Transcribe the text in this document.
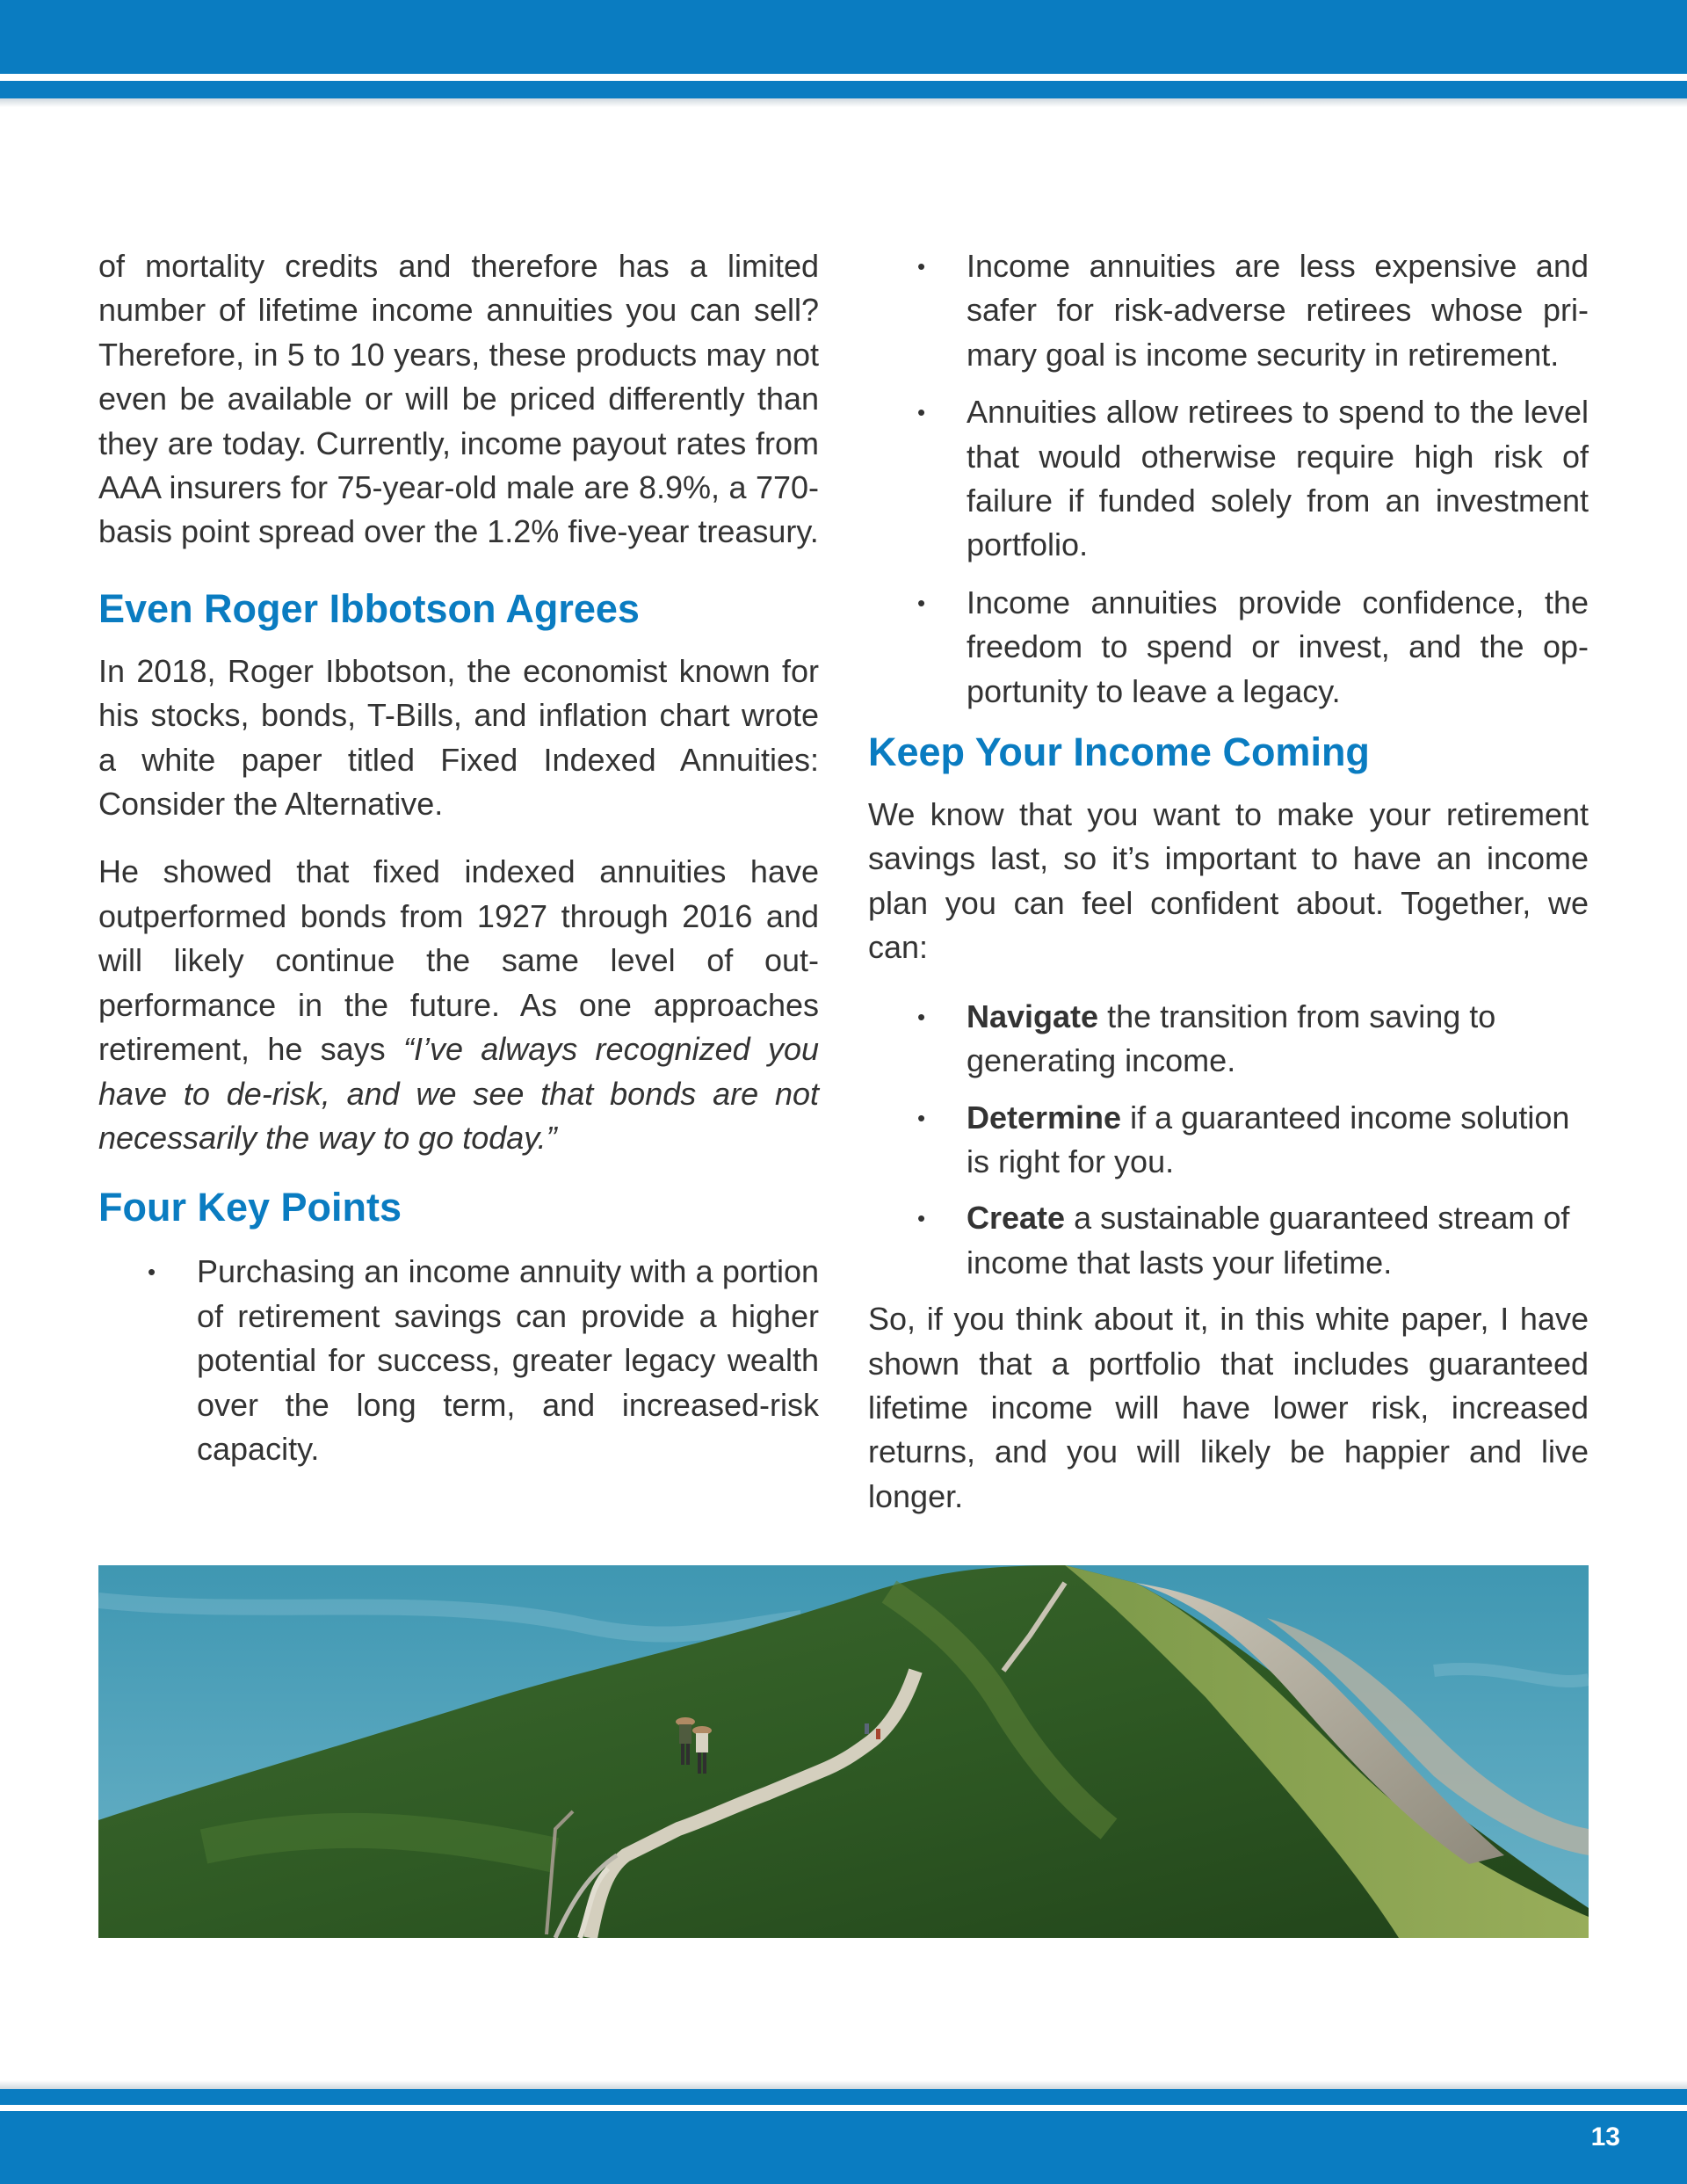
of mortality credits and therefore has a limited number of lifetime income annuities you can sell? Therefore, in 5 to 10 years, these products may not even be available or will be priced differently than they are today. Currently, income payout rates from AAA insurers for 75-year-old male are 8.9%, a 770-basis point spread over the 1.2% five-year treasury.

Even Roger Ibbotson Agrees

In 2018, Roger Ibbotson, the economist known for his stocks, bonds, T-Bills, and inflation chart wrote a white paper titled Fixed Indexed Annuities: Consider the Alternative.

He showed that fixed indexed annuities have outperformed bonds from 1927 through 2016 and will likely continue the same level of outperformance in the future. As one approaches retirement, he says “I’ve always recognized you have to de-risk, and we see that bonds are not necessarily the way to go today.”

Four Key Points
• Purchasing an income annuity with a portion of retirement savings can provide a higher potential for success, greater legacy wealth over the long term, and increased-risk capacity.
• Income annuities are less expensive and safer for risk-adverse retirees whose primary goal is income security in retirement.
• Annuities allow retirees to spend to the level that would otherwise require high risk of failure if funded solely from an investment portfolio.
• Income annuities provide confidence, the freedom to spend or invest, and the opportunity to leave a legacy.
Keep Your Income Coming

We know that you want to make your retirement savings last, so it’s important to have an income plan you can feel confident about. Together, we can:

• Navigate the transition from saving to generating income.
• Determine if a guaranteed income solution is right for you.
• Create a sustainable guaranteed stream of income that lasts your lifetime.

So, if you think about it, in this white paper, I have shown that a portfolio that includes guaranteed lifetime income will have lower risk, increased returns, and you will likely be happier and live longer.

13
